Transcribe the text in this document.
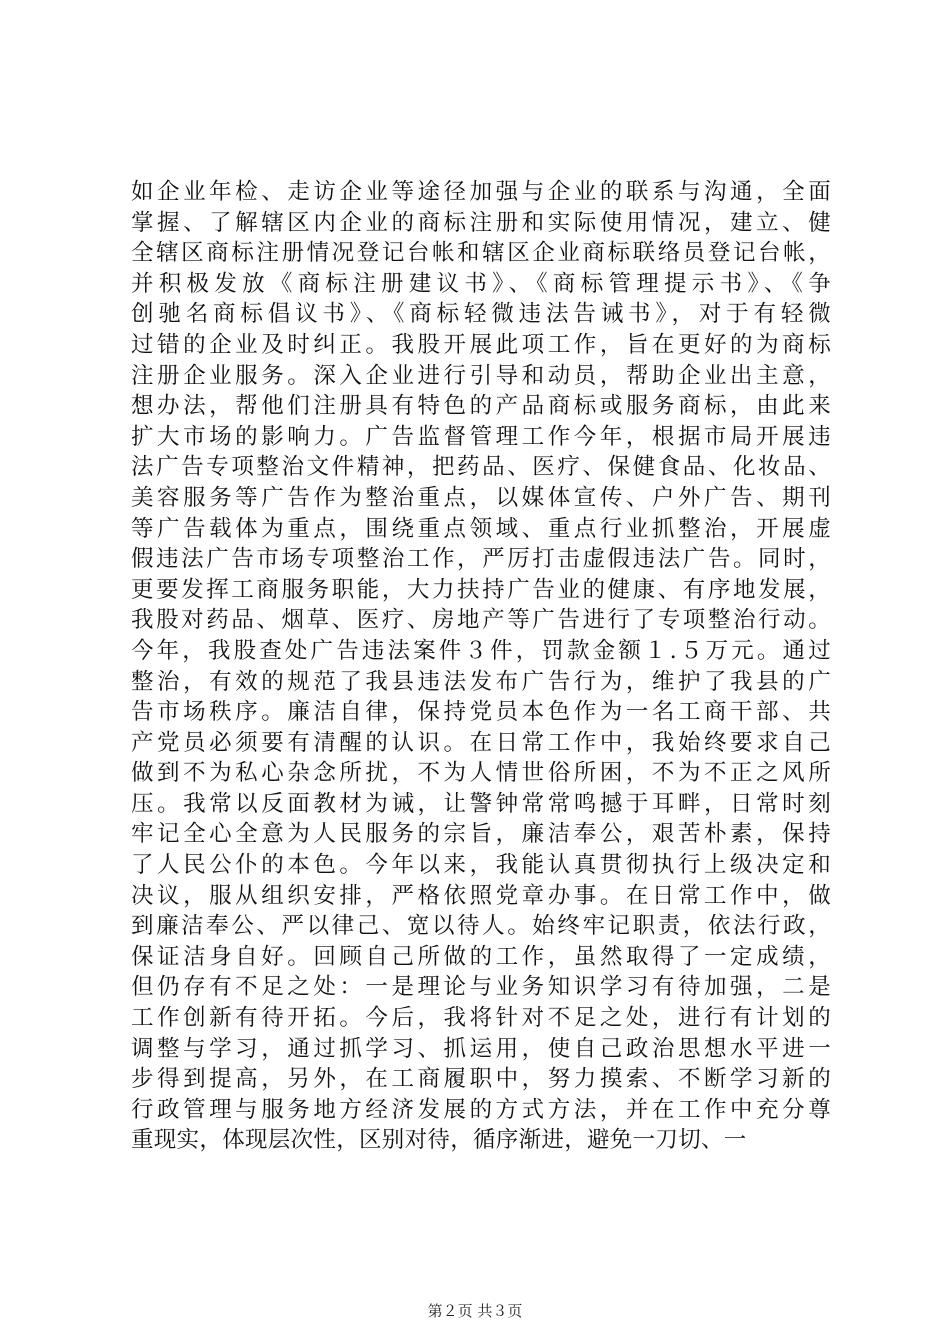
如企业年检、走访企业等途径加强与企业的联系与沟通，全面
掌握、了解辖区内企业的商标注册和实际使用情况，建立、健
全辖区商标注册情况登记台帐和辖区企业商标联络员登记台帐，
并积极发放《商标注册建议书》、《商标管理提示书》、《争
创驰名商标倡议书》、《商标轻微违法告诫书》，对于有轻微
过错的企业及时纠正。我股开展此项工作，旨在更好的为商标
注册企业服务。深入企业进行引导和动员，帮助企业出主意，
想办法，帮他们注册具有特色的产品商标或服务商标，由此来
扩大市场的影响力。广告监督管理工作今年，根据市局开展违
法广告专项整治文件精神，把药品、医疗、保健食品、化妆品、
美容服务等广告作为整治重点，以媒体宣传、户外广告、期刊
等广告载体为重点，围绕重点领域、重点行业抓整治，开展虚
假违法广告市场专项整治工作，严厉打击虚假违法广告。同时，
更要发挥工商服务职能，大力扶持广告业的健康、有序地发展，
我股对药品、烟草、医疗、房地产等广告进行了专项整治行动。
今年，我股查处广告违法案件３件，罚款金额１.５万元。通过
整治，有效的规范了我县违法发布广告行为，维护了我县的广
告市场秩序。廉洁自律，保持党员本色作为一名工商干部、共
产党员必须要有清醒的认识。在日常工作中，我始终要求自己
做到不为私心杂念所扰，不为人情世俗所困，不为不正之风所
压。我常以反面教材为诫，让警钟常常鸣撼于耳畔，日常时刻
牢记全心全意为人民服务的宗旨，廉洁奉公，艰苦朴素，保持
了人民公仆的本色。今年以来，我能认真贯彻执行上级决定和
决议，服从组织安排，严格依照党章办事。在日常工作中，做
到廉洁奉公、严以律己、宽以待人。始终牢记职责，依法行政，
保证洁身自好。回顾自己所做的工作，虽然取得了一定成绩，
但仍存有不足之处：一是理论与业务知识学习有待加强，二是
工作创新有待开拓。今后，我将针对不足之处，进行有计划的
调整与学习，通过抓学习、抓运用，使自己政治思想水平进一
步得到提高，另外，在工商履职中，努力摸索、不断学习新的
行政管理与服务地方经济发展的方式方法，并在工作中充分尊
重现实，体现层次性，区别对待，循序渐进，避免一刀切、一
第２页 共３页
